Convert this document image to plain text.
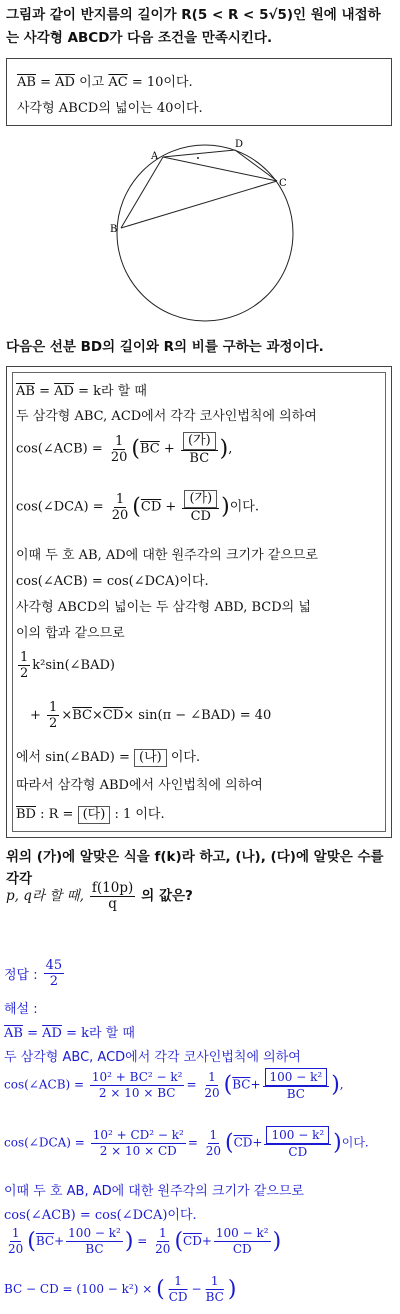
그림과 같이 반지름의 길이가 R(5 < R < 5√5)인 원에 내접하
는 사각형 ABCD가 다음 조건을 만족시킨다.
$\overline{AB} = \overline{AD}$ 이고 $\overline{AC} = 10$이다.
사각형 ABCD의 넓이는 40이다.
A
D
C
B
다음은 선분 BD의 길이와 R의 비를 구하는 과정이다.
$\overline{AB} = \overline{AD} = k$라 할 때
두 삼각형 ABC, ACD에서 각각 코사인법칙에 의하여
cos(∠ACB) = $\frac{1}{20} (\overline{BC} + \frac{\text{(가)}}{BC}$ ),
cos(∠DCA) = $\frac{1}{20} (\overline{CD} + \frac{\text{(가)}}{CD}$ )이다.
이때 두 호 AB, AD에 대한 원주각의 크기가 같으므로
cos(∠ACB) = cos(∠DCA)이다.
사각형 ABCD의 넓이는 두 삼각형 ABD, BCD의 넓
이의 합과 같으므로
$\frac{1}{2}$ k²sin(∠BAD)
+ $\frac{1}{2} \times\overline{BC}\times\overline{CD}\times \sin(\pi$ − ∠BAD) = 40
에서 sin(∠BAD) = (나) 이다.
따라서 삼각형 ABD에서 사인법칙에 의하여
$\overline{BD}$ : R = (다) : 1 이다.
위의 (가)에 알맞은 식을 f(k)라 하고, (나), (다)에 알맞은 수를 각각
p, q라 할 때, $\frac{f(10p)}{q}$ 의 값은?
정답 : $\frac{45}{2}$
해설 :
$\overline{AB} = \overline{AD} = k$라 할 때
두 삼각형 ABC, ACD에서 각각 코사인법칙에 의하여
cos(∠ACB) = $\frac{\text{10² + BC² − k²}}{2 \times 10 \times BC} = \frac{1}{20} (\overline{BC}+ \frac{\text{100 − k²}}{BC}$ ),
cos(∠DCA) = $\frac{\text{10² + CD² − k²}}{2 \times 10 \times CD} = \frac{1}{20} (\overline{CD}+ \frac{\text{100 − k²}}{CD}$ )이다.
이때 두 호 AB, AD에 대한 원주각의 크기가 같으므로
cos(∠ACB) = cos(∠DCA)이다.
$\frac{1}{20} (\overline{BC}+ \frac{\text{100 − k²}}{BC}$ ) = $\frac{1}{20} (\overline{CD}+ \frac{\text{100 − k²}}{CD}$ )
BC − CD = (100 − k²) × ( $\frac{1}{CD} - \frac{1}{BC}$ )
